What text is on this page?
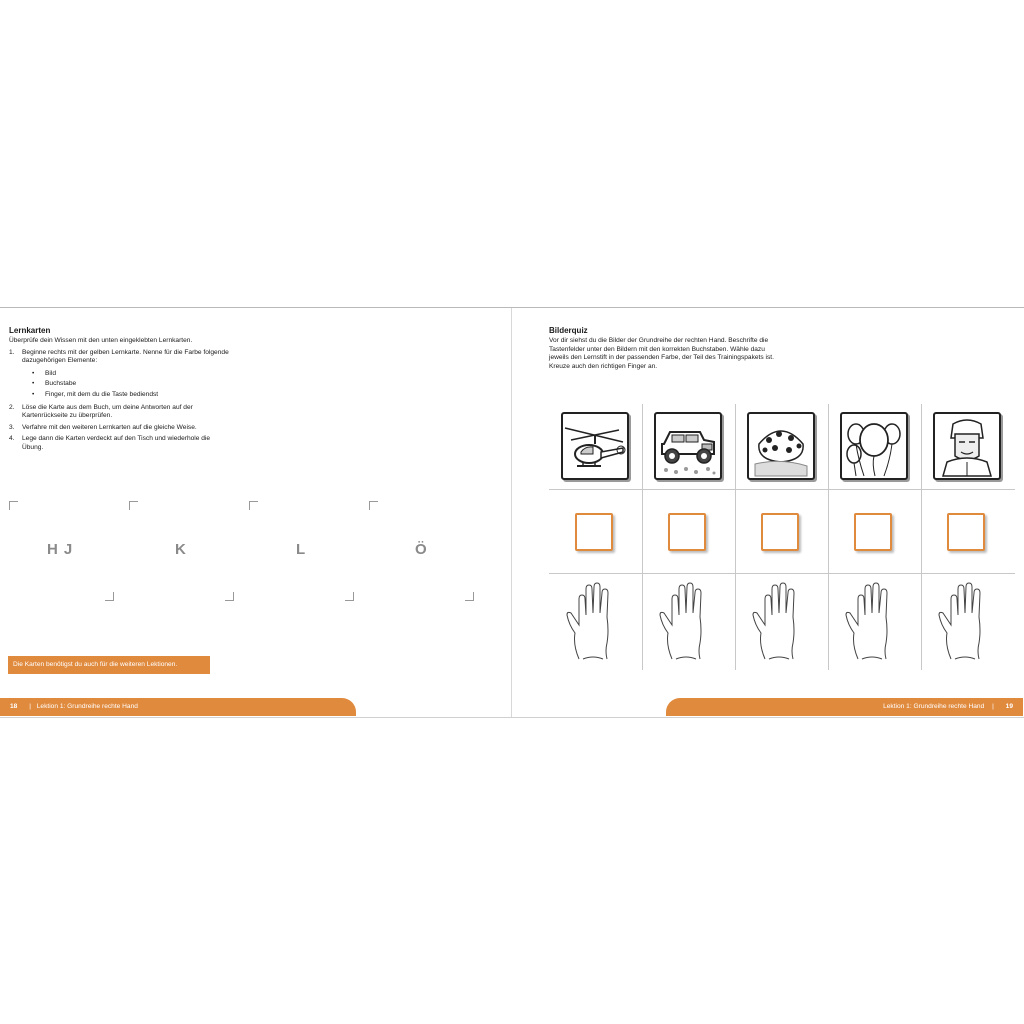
Lernkarten
Überprüfe dein Wissen mit den unten eingeklebten Lernkarten.
1. Beginne rechts mit der gelben Lernkarte. Nenne für die Farbe folgende dazugehörigen Elemente:
• Bild
• Buchstabe
• Finger, mit dem du die Taste bediendst
2. Löse die Karte aus dem Buch, um deine Antworten auf der Kartenrückseite zu überprüfen.
3. Verfahre mit den weiteren Lernkarten auf die gleiche Weise.
4. Lege dann die Karten verdeckt auf den Tisch und wiederhole die Übung.
HJ	K	L	Ö
Die Karten benötigst du auch für die weiteren Lektionen.
18 | Lektion 1: Grundreihe rechte Hand
Bilderquiz
Vor dir siehst du die Bilder der Grundreihe der rechten Hand. Beschrifte die Tastenfelder unter den Bildern mit den korrekten Buchstaben. Wähle dazu jeweils den Lernstift in der passenden Farbe, der Teil des Trainingspakets ist. Kreuze auch den richtigen Finger an.
Lektion 1: Grundreihe rechte Hand | 19
